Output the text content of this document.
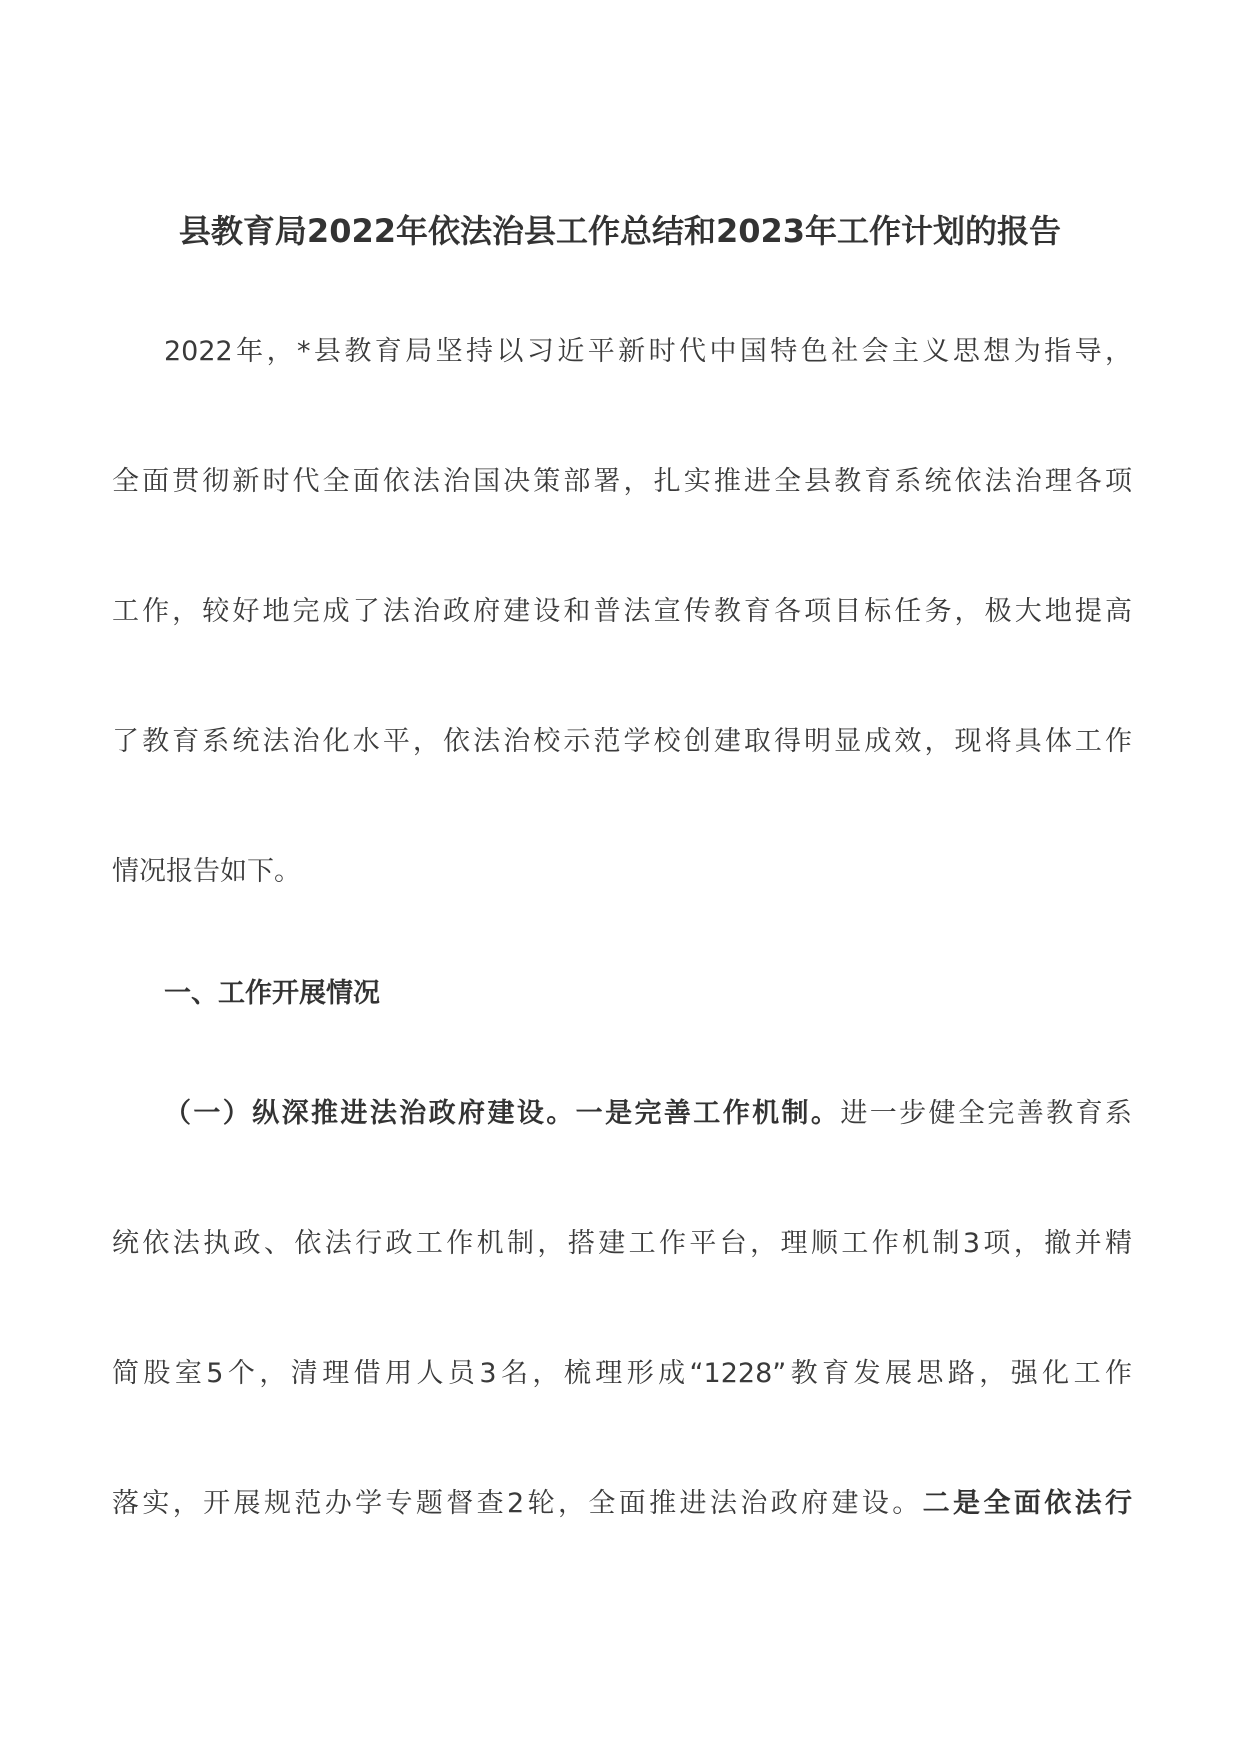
县教育局2022年依法治县工作总结和2023年工作计划的报告
2022年，*县教育局坚持以习近平新时代中国特色社会主义思想为指导，
全面贯彻新时代全面依法治国决策部署，扎实推进全县教育系统依法治理各项
工作，较好地完成了法治政府建设和普法宣传教育各项目标任务，极大地提高
了教育系统法治化水平，依法治校示范学校创建取得明显成效，现将具体工作
情况报告如下。
一、工作开展情况
（一）纵深推进法治政府建设。一是完善工作机制。进一步健全完善教育系
统依法执政、依法行政工作机制，搭建工作平台，理顺工作机制3项，撤并精
简股室5个，清理借用人员3名，梳理形成“1228”教育发展思路，强化工作
落实，开展规范办学专题督查2轮，全面推进法治政府建设。二是全面依法行
